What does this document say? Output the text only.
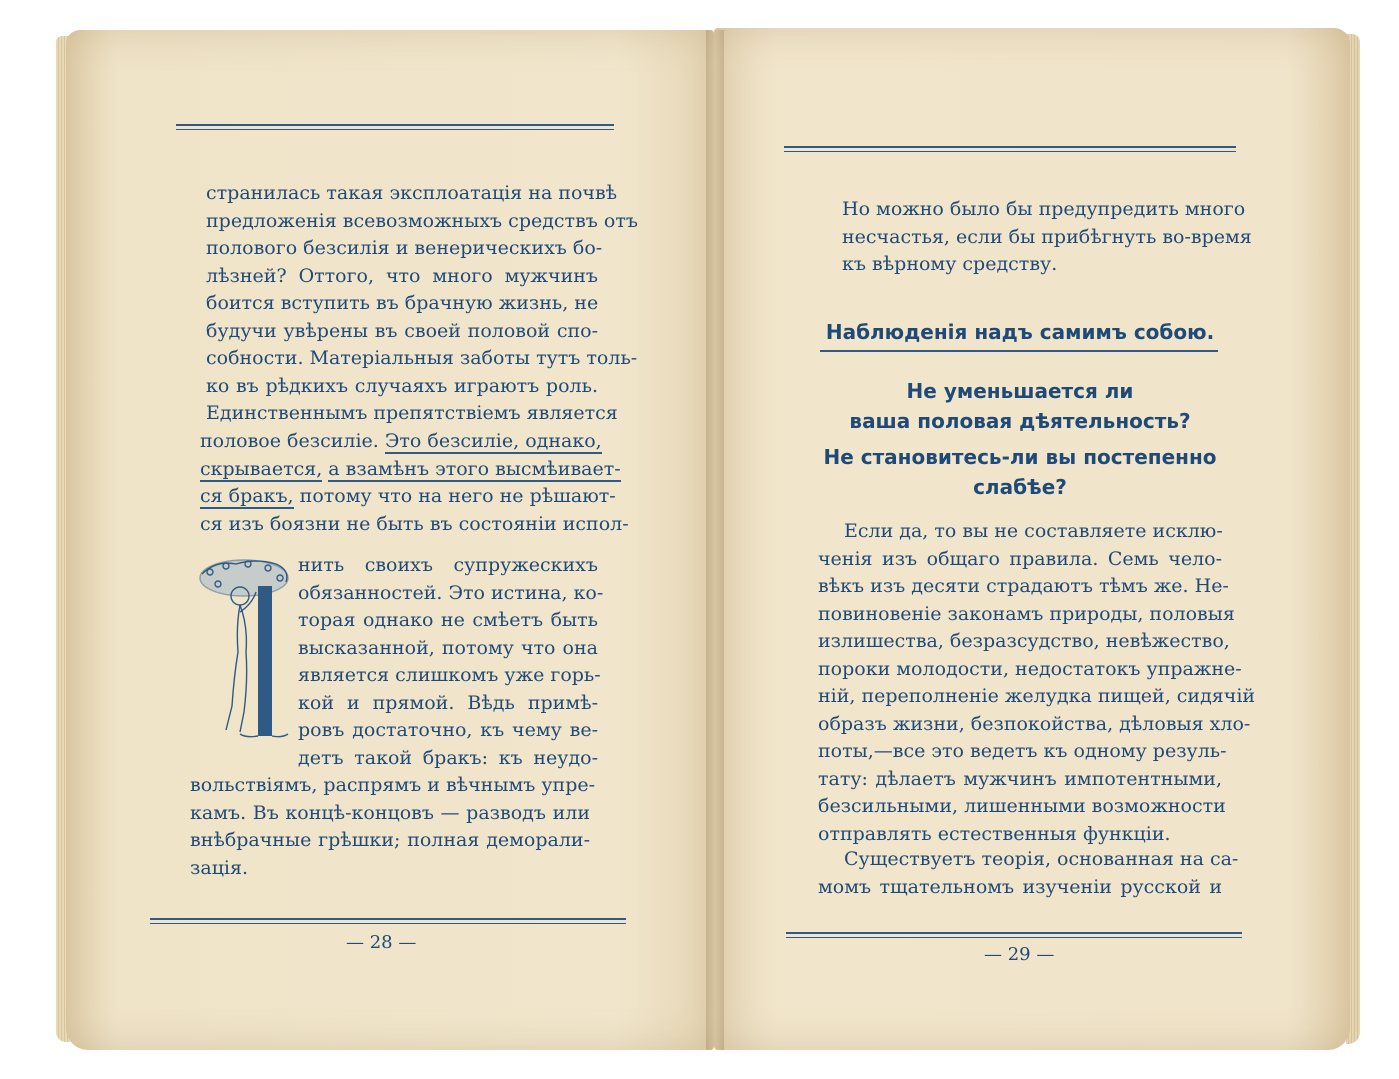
странилась такая эксплоатація на почвѣ
предложенія всевозможныхъ средствъ отъ
полового безсилія и венерическихъ бо-
лѣзней? Оттого, что много мужчинъ
боится вступить въ брачную жизнь, не
будучи увѣрены въ своей половой спо-
собности. Матеріальныя заботы тутъ толь-
ко въ рѣдкихъ случаяхъ играютъ роль.
Единственнымъ препятствіемъ является
половое безсиліе. Это безсиліе, однако,
скрывается, а взамѣнъ этого высмѣивает-
ся бракъ, потому что на него не рѣшают-
ся изъ боязни не быть въ состояніи испол-
нить своихъ супружескихъ
обязанностей. Это истина, ко-
торая однако не смѣетъ быть
высказанной, потому что она
является слишкомъ уже горь-
кой и прямой. Вѣдь примѣ-
ровъ достаточно, къ чему ве-
детъ такой бракъ: къ неудо-
вольствіямъ, распрямъ и вѣчнымъ упре-
камъ. Въ концѣ-концовъ — разводъ или
внѣбрачные грѣшки; полная деморали-
зація.
— 28 —
Но можно было бы предупредить много
несчастья, если бы прибѣгнуть во-время
къ вѣрному средству.
Наблюденія надъ самимъ собою.
Не уменьшается ли
ваша половая дѣятельность?
Не становитесь-ли вы постепенно
слабѣе?
Если да, то вы не составляете исклю-
ченія изъ общаго правила. Семь чело-
вѣкъ изъ десяти страдаютъ тѣмъ же. Не-
повиновеніе законамъ природы, половыя
излишества, безразсудство, невѣжество,
пороки молодости, недостатокъ упражне-
ній, переполненіе желудка пищей, сидячій
образъ жизни, безпокойства, дѣловыя хло-
поты,—все это ведетъ къ одному резуль-
тату: дѣлаетъ мужчинъ импотентными,
безсильными, лишенными возможности
отправлять естественныя функціи.
Существуетъ теорія, основанная на са-
момъ тщательномъ изученіи русской и
— 29 —
